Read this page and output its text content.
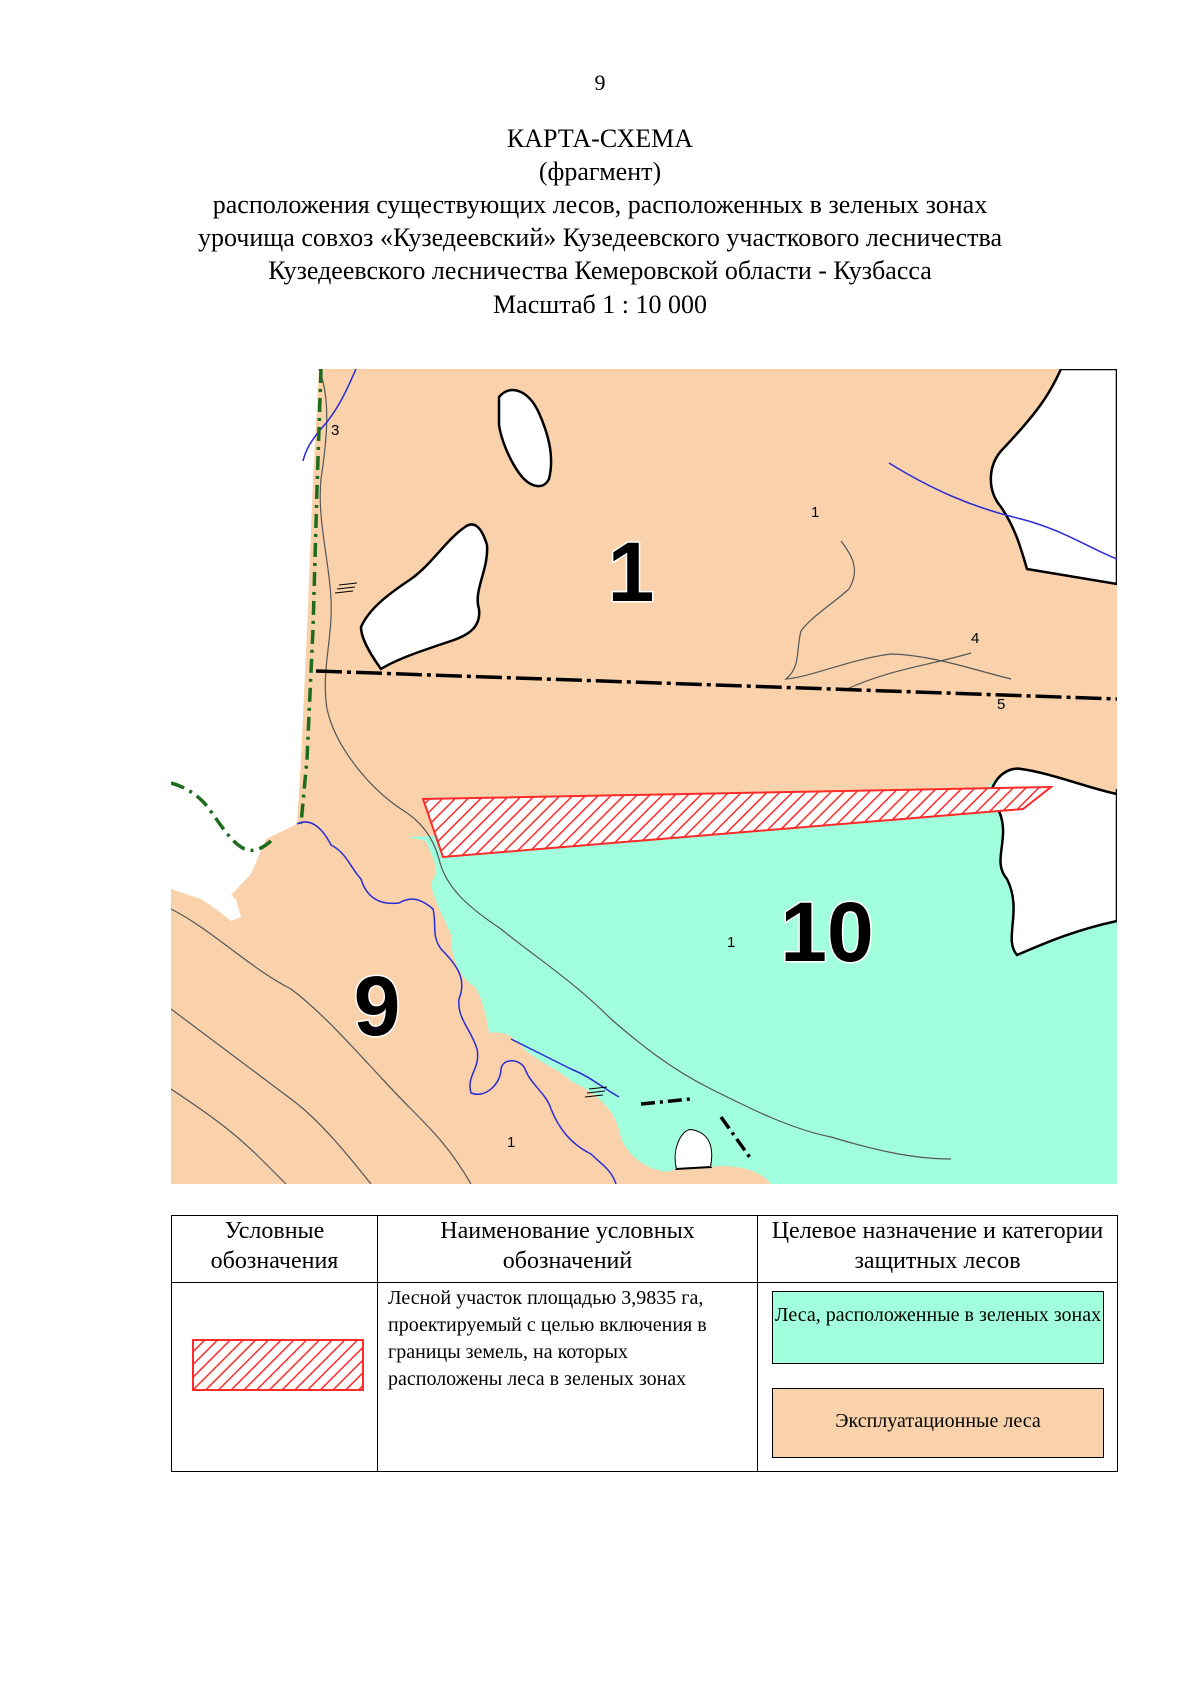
9
КАРТА-СХЕМА
(фрагмент)
расположения существующих лесов, расположенных в зеленых зонах
урочища совхоз «Кузедеевский» Кузедеевского участкового лесничества
Кузедеевского лесничества Кемеровской области - Кузбасса
Масштаб 1 : 10 000
1
9
10
3
1
4
5
1
1
Условные обозначения	Наименование условных обозначений	Целевое назначение и категории защитных лесов

	Лесной участок площадью 3,9835 га, проектируемый с целью включения в границы земель, на которых расположены леса в зеленых зонах	Леса, расположенные в зеленых зонах
Эксплуатационные леса
